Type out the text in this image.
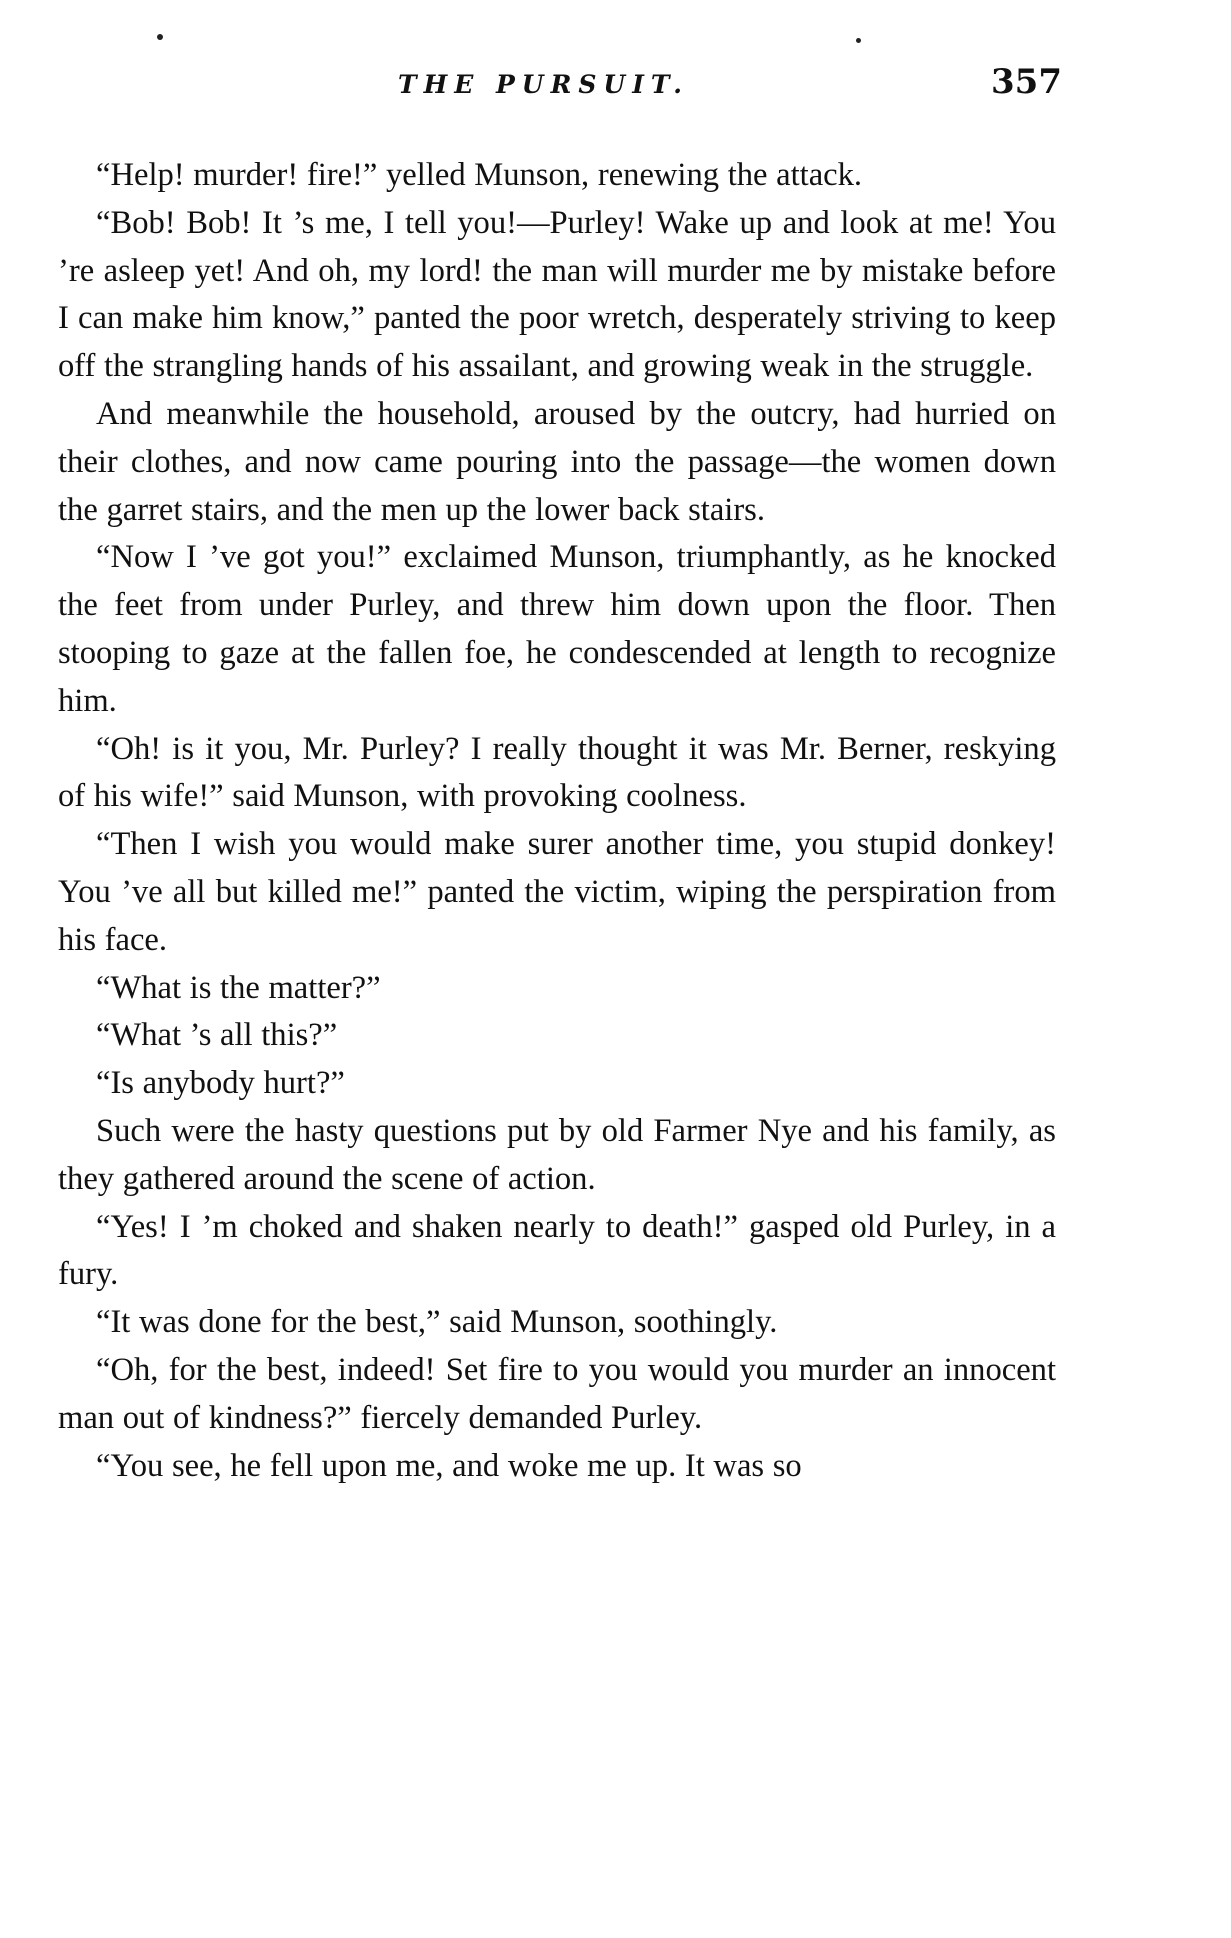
THE PURSUIT.	357

“Help! murder! fire!” yelled Munson, renewing the attack.

“Bob! Bob! It ’s me, I tell you!—Purley! Wake up and look at me! You ’re asleep yet! And oh, my lord! the man will murder me by mistake before I can make him know,” panted the poor wretch, desperately striving to keep off the strangling hands of his assailant, and growing weak in the struggle.

And meanwhile the household, aroused by the outcry, had hurried on their clothes, and now came pouring into the passage—the women down the garret stairs, and the men up the lower back stairs.

“Now I ’ve got you!” exclaimed Munson, triumphantly, as he knocked the feet from under Purley, and threw him down upon the floor. Then stooping to gaze at the fallen foe, he condescended at length to recognize him.

“Oh! is it you, Mr. Purley? I really thought it was Mr. Berner, reskying of his wife!” said Munson, with provoking coolness.

“Then I wish you would make surer another time, you stupid donkey! You ’ve all but killed me!” panted the victim, wiping the perspiration from his face.

“What is the matter?”

“What ’s all this?”

“Is anybody hurt?”

Such were the hasty questions put by old Farmer Nye and his family, as they gathered around the scene of action.

“Yes! I ’m choked and shaken nearly to death!” gasped old Purley, in a fury.

“It was done for the best,” said Munson, soothingly.

“Oh, for the best, indeed! Set fire to you would you murder an innocent man out of kindness?” fiercely demanded Purley.

“You see, he fell upon me, and woke me up. It was so
